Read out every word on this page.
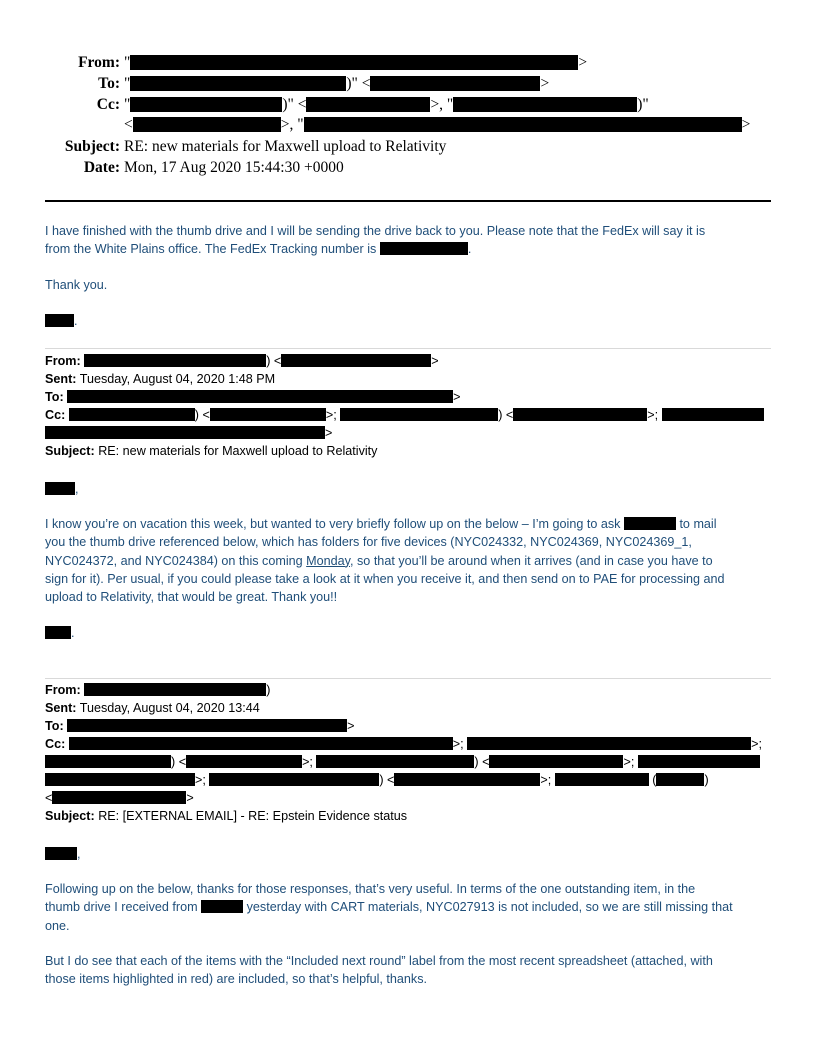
From: "	>
To: "	)" <	>
Cc: "	)" <	>, "	)"
<	>, "	>
Subject: RE: new materials for Maxwell upload to Relativity
Date: Mon, 17 Aug 2020 15:44:30 +0000
I have finished with the thumb drive and I will be sending the drive back to you. Please note that the FedEx will say it is
from the White Plains office. The FedEx Tracking number is	.
Thank you.
.
From:	) <	>
Sent: Tuesday, August 04, 2020 1:48 PM
To:	>
Cc:	) <	>;	) <	>;
>
Subject: RE: new materials for Maxwell upload to Relativity
,
I know you’re on vacation this week, but wanted to very briefly follow up on the below – I’m going to ask	to mail
you the thumb drive referenced below, which has folders for five devices (NYC024332, NYC024369, NYC024369_1,
NYC024372, and NYC024384) on this coming Monday, so that you’ll be around when it arrives (and in case you have to
sign for it). Per usual, if you could please take a look at it when you receive it, and then send on to PAE for processing and
upload to Relativity, that would be great. Thank you!!
.
From:	)
Sent: Tuesday, August 04, 2020 13:44
To:	>
Cc:	>;	>;
) <	>;	) <	>;
>;	) <	>;	(	)
<	>
Subject: RE: [EXTERNAL EMAIL] - RE: Epstein Evidence status
,
Following up on the below, thanks for those responses, that’s very useful. In terms of the one outstanding item, in the
thumb drive I received from	yesterday with CART materials, NYC027913 is not included, so we are still missing that
one.
But I do see that each of the items with the “Included next round” label from the most recent spreadsheet (attached, with
those items highlighted in red) are included, so that’s helpful, thanks.
